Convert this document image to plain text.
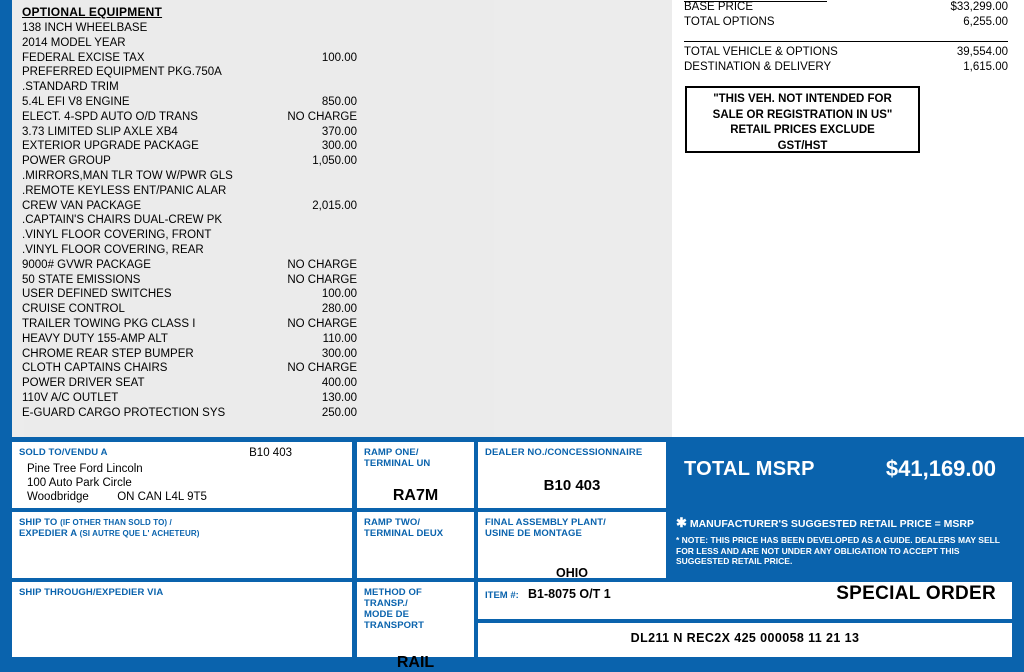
OPTIONAL EQUIPMENT
138 INCH WHEELBASE
2014 MODEL YEAR
FEDERAL EXCISE TAX	100.00
PREFERRED EQUIPMENT PKG.750A
.STANDARD TRIM
5.4L EFI V8 ENGINE	850.00
ELECT. 4-SPD AUTO O/D TRANS	NO CHARGE
3.73 LIMITED SLIP AXLE XB4	370.00
EXTERIOR UPGRADE PACKAGE	300.00
POWER GROUP	1,050.00
.MIRRORS,MAN TLR TOW W/PWR GLS
.REMOTE KEYLESS ENT/PANIC ALAR
CREW VAN PACKAGE	2,015.00
.CAPTAIN'S CHAIRS DUAL-CREW PK
.VINYL FLOOR COVERING, FRONT
.VINYL FLOOR COVERING, REAR
9000# GVWR PACKAGE	NO CHARGE
50 STATE EMISSIONS	NO CHARGE
USER DEFINED SWITCHES	100.00
CRUISE CONTROL	280.00
TRAILER TOWING PKG CLASS I	NO CHARGE
HEAVY DUTY 155-AMP ALT	110.00
CHROME REAR STEP BUMPER	300.00
CLOTH CAPTAINS CHAIRS	NO CHARGE
POWER DRIVER SEAT	400.00
110V A/C OUTLET	130.00
E-GUARD CARGO PROTECTION SYS	250.00
BASE PRICE	$33,299.00
TOTAL OPTIONS	6,255.00
TOTAL VEHICLE & OPTIONS	39,554.00
DESTINATION & DELIVERY	1,615.00
"THIS VEH. NOT INTENDED FOR
SALE OR REGISTRATION IN US"
RETAIL PRICES EXCLUDE
GST/HST
SOLD TO/VENDU A	B10 403
Pine Tree Ford Lincoln
100 Auto Park Circle
Woodbridge ON CAN L4L 9T5
RAMP ONE/
TERMINAL UN
RA7M
DEALER NO./CONCESSIONNAIRE
B10 403
TOTAL MSRP	$41,169.00
SHIP TO (IF OTHER THAN SOLD TO) /
EXPEDIER A (SI AUTRE QUE L' ACHETEUR)
RAMP TWO/
TERMINAL DEUX
FINAL ASSEMBLY PLANT/
USINE DE MONTAGE
OHIO
✱ MANUFACTURER'S SUGGESTED RETAIL PRICE = MSRP
* NOTE: THIS PRICE HAS BEEN DEVELOPED AS A GUIDE. DEALERS MAY SELL FOR LESS AND ARE NOT UNDER ANY OBLIGATION TO ACCEPT THIS SUGGESTED RETAIL PRICE.
SHIP THROUGH/EXPEDIER VIA	METHOD OF TRANSP./
MODE DE TRANSPORT
RAIL
ITEM #: B1-8075 O/T 1	SPECIAL ORDER
DL211 N REC2X 425 000058 11 21 13
